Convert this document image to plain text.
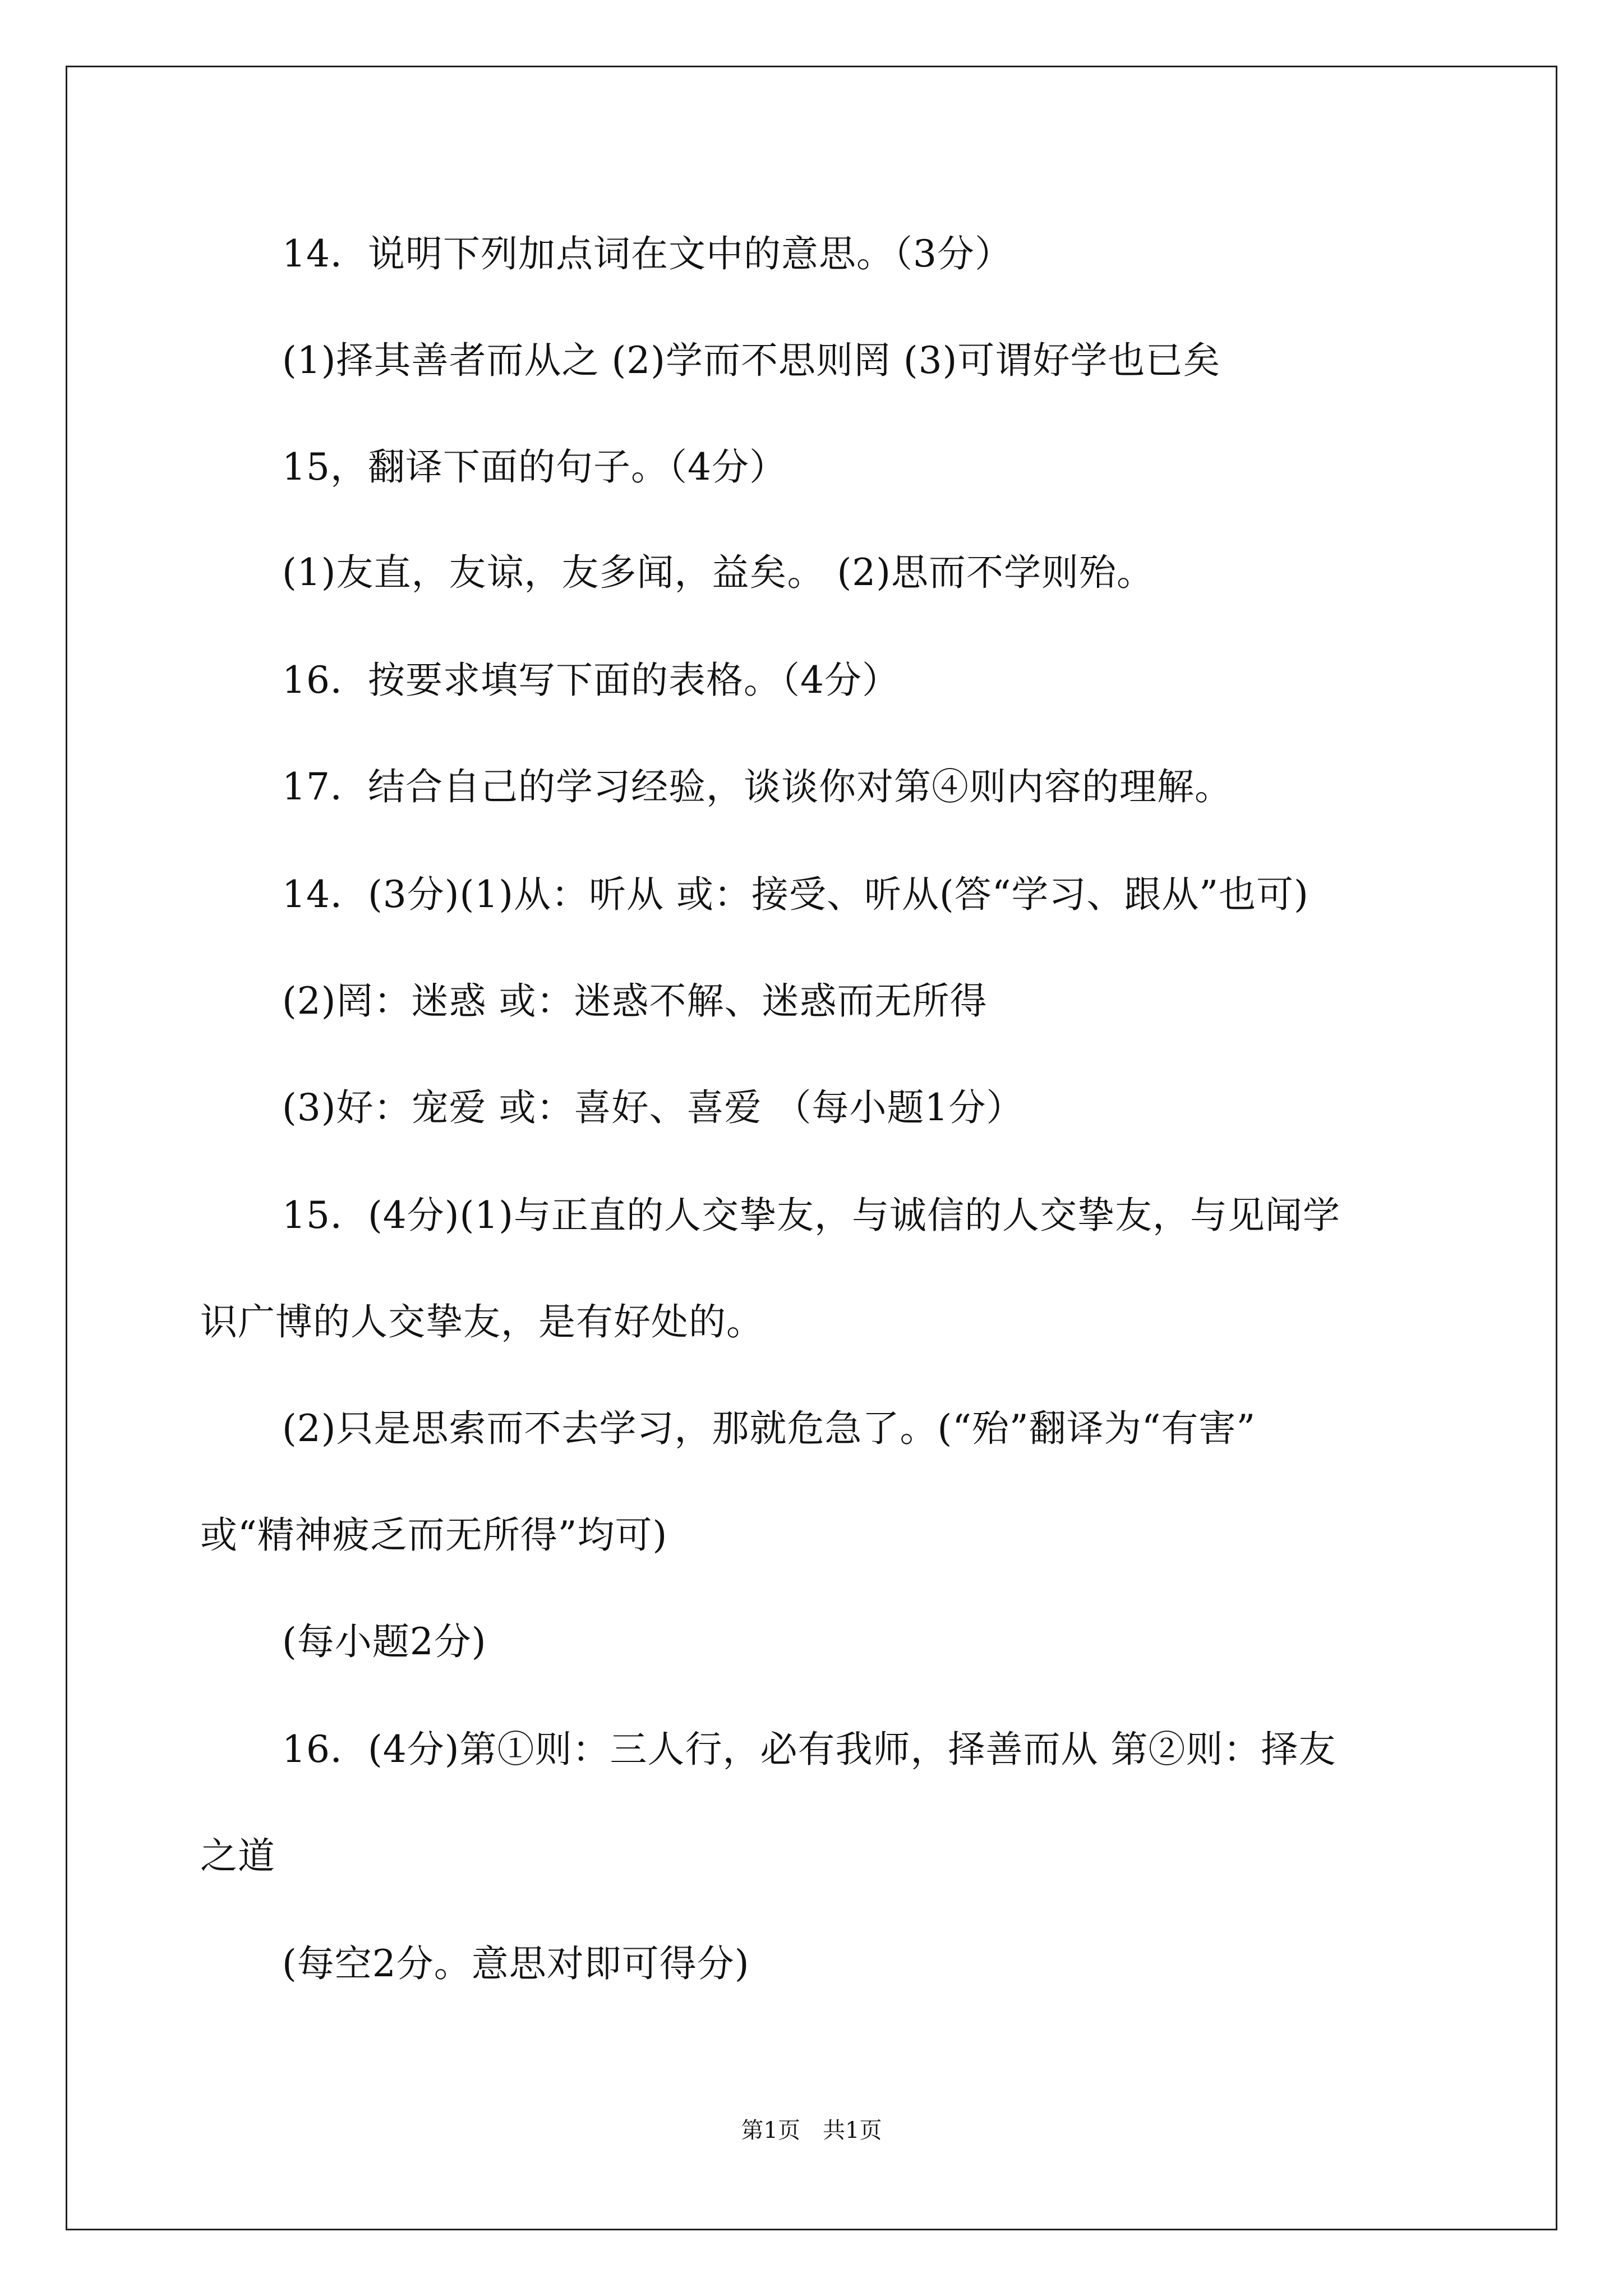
14．说明下列加点词在文中的意思。（3分）
(1)择其善者而从之 (2)学而不思则罔 (3)可谓好学也已矣
15，翻译下面的句子。（4分）
(1)友直，友谅，友多闻，益矣。 (2)思而不学则殆。
16．按要求填写下面的表格。（4分）
17．结合自己的学习经验，谈谈你对第④则内容的理解。
14．(3分)(1)从：听从 或：接受、听从(答“学习、跟从”也可)
(2)罔：迷惑 或：迷惑不解、迷惑而无所得
(3)好：宠爱 或：喜好、喜爱 （每小题1分）
15．(4分)(1)与正直的人交挚友，与诚信的人交挚友，与见闻学
识广博的人交挚友，是有好处的。
(2)只是思索而不去学习，那就危急了。(“殆”翻译为“有害”
或“精神疲乏而无所得”均可)
(每小题2分)
16．(4分)第①则：三人行，必有我师，择善而从 第②则：择友
之道
(每空2分。意思对即可得分)
第1页 共1页
